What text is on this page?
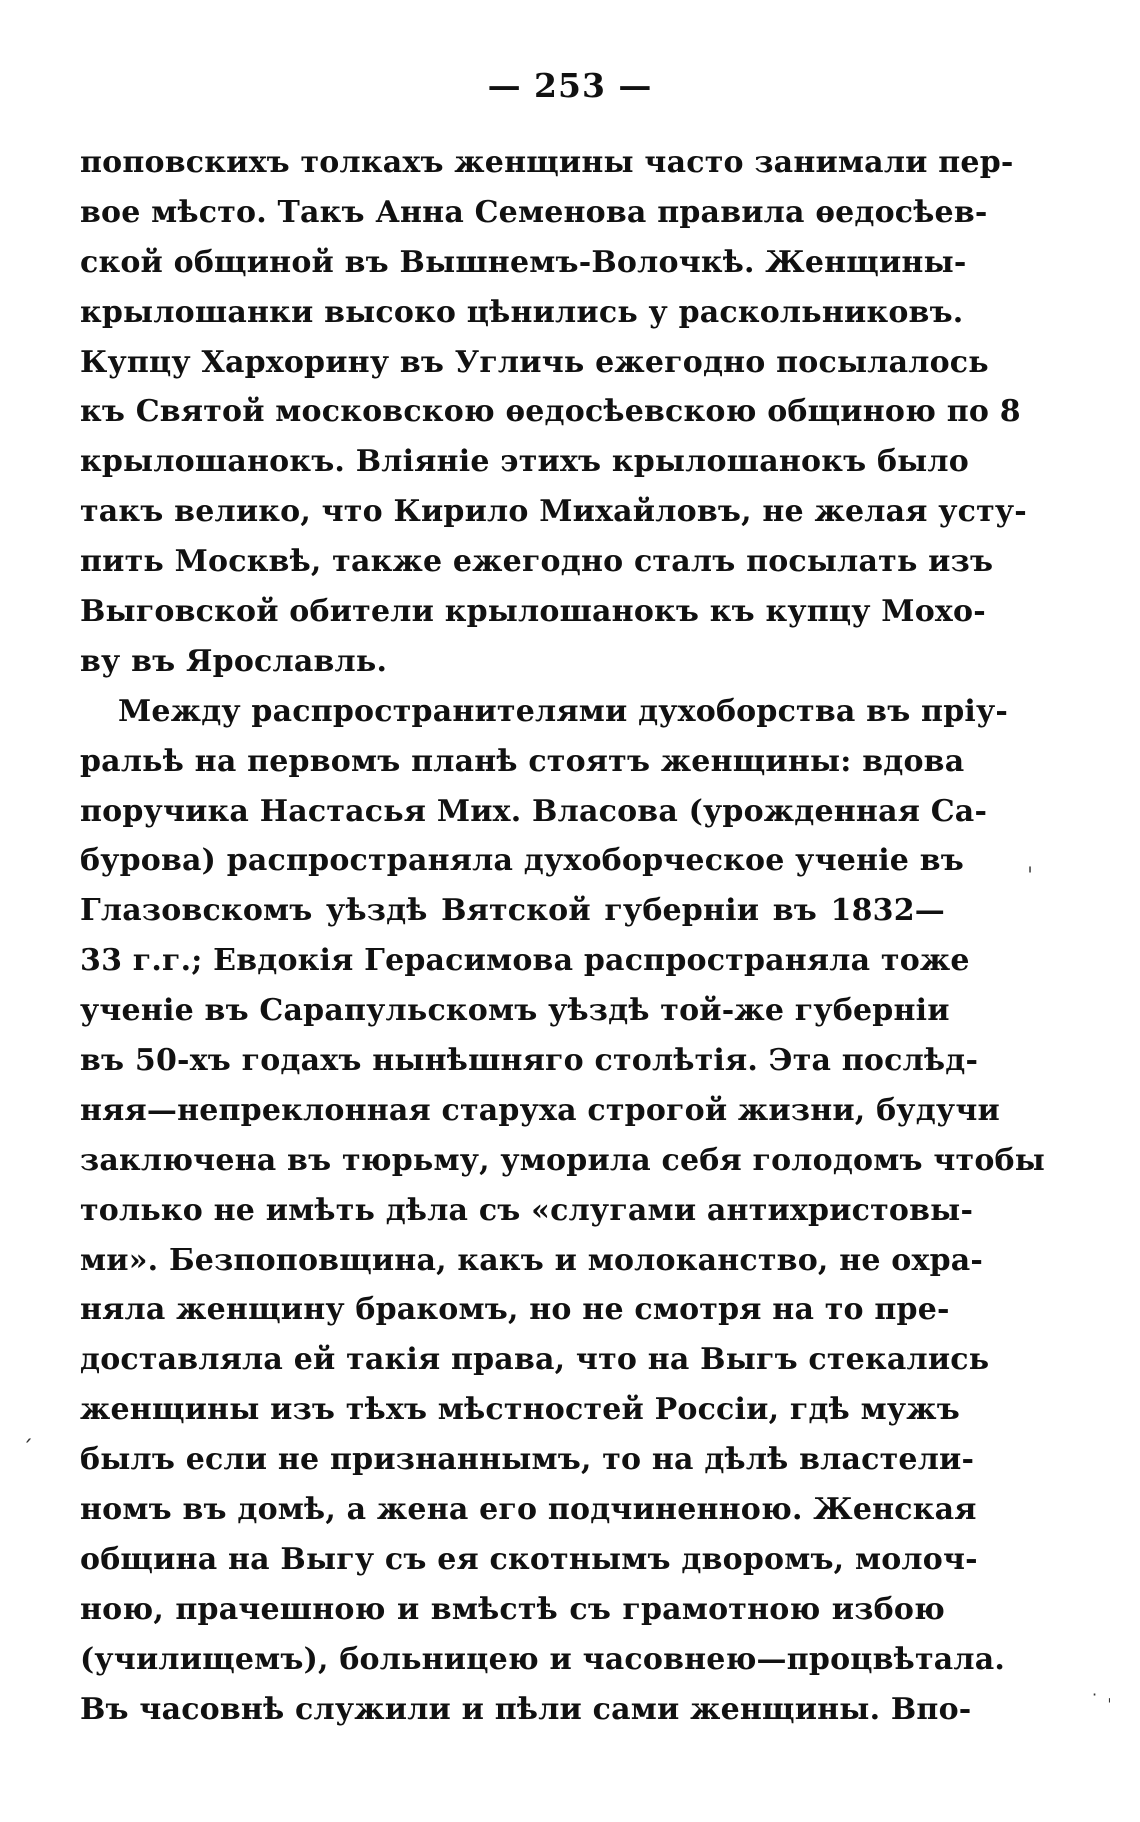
— 253 —
поповскихъ толкахъ женщины часто занимали пер-
вое мѣсто. Такъ Анна Семенова правила ѳедосѣев-
ской общиной въ Вышнемъ-Волочкѣ. Женщины-
крылошанки высоко цѣнились у раскольниковъ.
Купцу Хархорину въ Угличь ежегодно посылалось
къ Святой московскою ѳедосѣевскою общиною по 8
крылошанокъ. Вліяніе этихъ крылошанокъ было
такъ велико, что Кирило Михайловъ, не желая усту-
пить Москвѣ, также ежегодно сталъ посылать изъ
Выговской обители крылошанокъ къ купцу Мохо-
ву въ Ярославль.
Между распространителями духоборства въ пріу-
ральѣ на первомъ планѣ стоятъ женщины: вдова
поручика Настасья Мих. Власова (урожденная Са-
бурова) распространяла духоборческое ученіе въ
Глазовскомъ уѣздѣ Вятской губерніи въ 1832—
33 г.г.; Евдокія Герасимова распространяла тоже
ученіе въ Сарапульскомъ уѣздѣ той-же губерніи
въ 50-хъ годахъ нынѣшняго столѣтія. Эта послѣд-
няя—непреклонная старуха строгой жизни, будучи
заключена въ тюрьму, уморила себя голодомъ чтобы
только не имѣть дѣла съ «слугами антихристовы-
ми». Безпоповщина, какъ и молоканство, не охра-
няла женщину бракомъ, но не смотря на то пре-
доставляла ей такія права, что на Выгъ стекались
женщины изъ тѣхъ мѣстностей Россіи, гдѣ мужъ
былъ если не признаннымъ, то на дѣлѣ властели-
номъ въ домѣ, а жена его подчиненною. Женская
община на Выгу съ ея скотнымъ дворомъ, молоч-
ною, прачешною и вмѣстѣ съ грамотною избою
(училищемъ), больницею и часовнею—процвѣтала.
Въ часовнѣ служили и пѣли сами женщины. Впо-
ˌ
ˏ
·  ˌ
